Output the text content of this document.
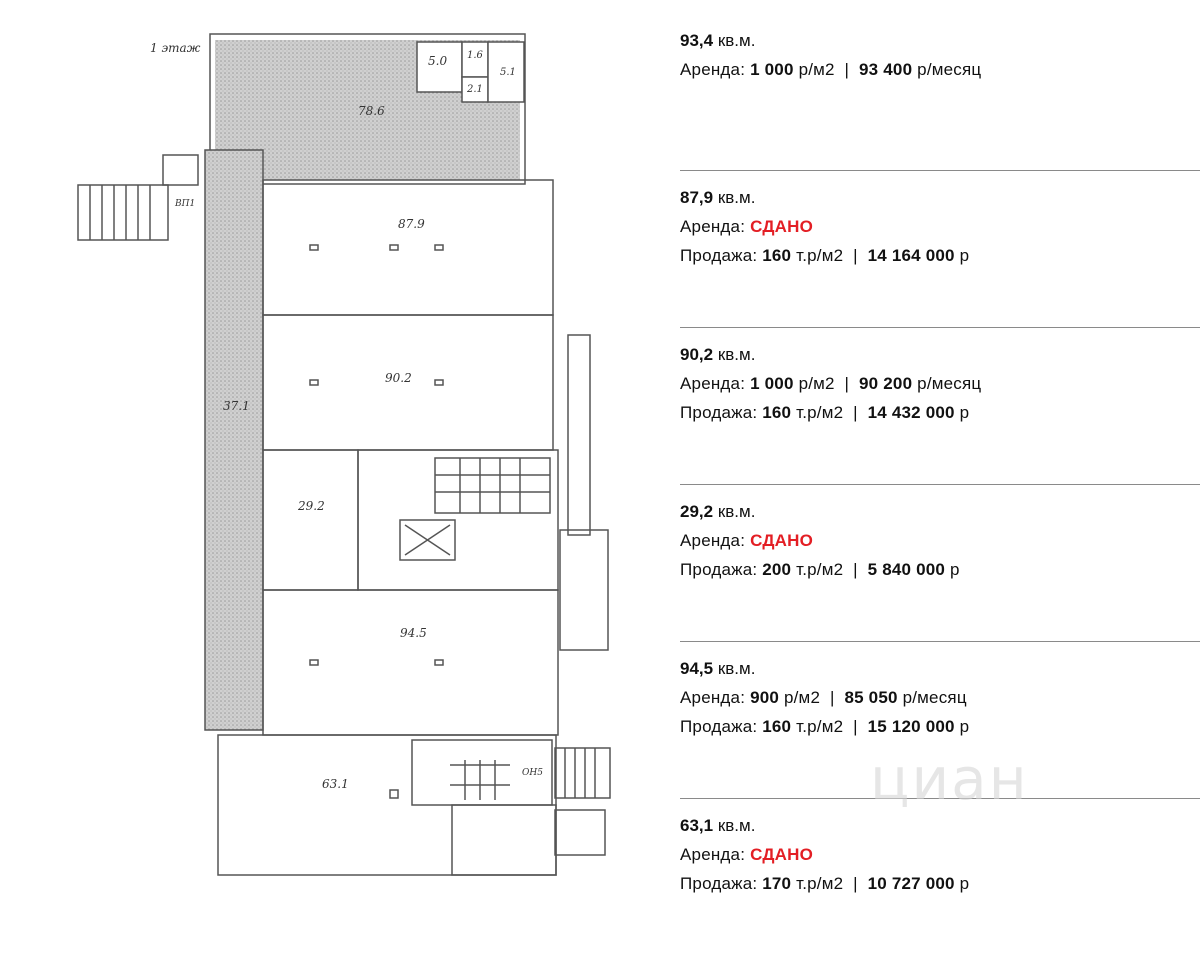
1 этаж
5.0 1.6
2.1
5.1
78.6
87.9
90.2
37.1
29.2
94.5
63.1
ВП1
ОН5
93,4 кв.м.
Аренда: 1 000 р/м2 | 93 400 р/месяц
87,9 кв.м.
Аренда: СДАНО
Продажа: 160 т.р/м2 | 14 164 000 р
90,2 кв.м.
Аренда: 1 000 р/м2 | 90 200 р/месяц
Продажа: 160 т.р/м2 | 14 432 000 р
29,2 кв.м.
Аренда: СДАНО
Продажа: 200 т.р/м2 | 5 840 000 р
94,5 кв.м.
Аренда: 900 р/м2 | 85 050 р/месяц
Продажа: 160 т.р/м2 | 15 120 000 р
63,1 кв.м.
Аренда: СДАНО
Продажа: 170 т.р/м2 | 10 727 000 р
циан
